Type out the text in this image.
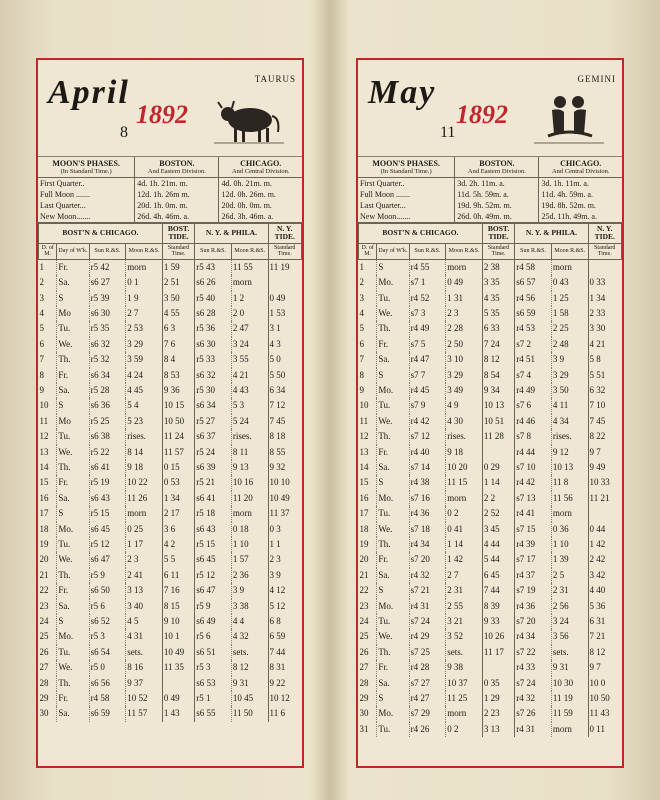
April
8
1892
TAURUS
MOON'S PHASES.	BOSTON.	CHICAGO.
(In Standard Time.)	And Eastern Division.	And Central Division.
First Quarter..	4d. 1h. 21m. m.	4d. 0h. 21m. m.
Full Moon .......	12d. 1h. 26m m.	12d. 0h. 26m. m.
Last Quarter...	20d. 1h. 0m. m.	20d. 0h. 0m. m.
New Moon.......	26d. 4h. 46m. a.	26d. 3h. 46m. a.
BOST'N & CHICAGO.				BOST. TIDE.	N. Y. & PHILA.		N. Y. TIDE.
D. of M.	Day of W'k.	Sun R.&S.	Moon R.&S.	Standard Time.	Sun R.&S.	Moon R.&S.	Standard Time.
1	Fr.	r5 42	morn	1 59	r5 43	11 55	11 19
2	Sa.	s6 27	0 1	2 51	s6 26	morn	
3	S	r5 39	1 9	3 50	r5 40	1 2	0 49
4	Mo	s6 30	2 7	4 55	s6 28	2 0	1 53
5	Tu.	r5 35	2 53	6 3	r5 36	2 47	3 1
6	We.	s6 32	3 29	7 6	s6 30	3 24	4 3
7	Th.	r5 32	3 59	8 4	r5 33	3 55	5 0
8	Fr.	s6 34	4 24	8 53	s6 32	4 21	5 50
9	Sa.	r5 28	4 45	9 36	r5 30	4 43	6 34
10	S	s6 36	5 4	10 15	s6 34	5 3	7 12
11	Mo	r5 25	5 23	10 50	r5 27	5 24	7 45
12	Tu.	s6 38	rises.	11 24	s6 37	rises.	8 18
13	We.	r5 22	8 14	11 57	r5 24	8 11	8 55
14	Th.	s6 41	9 18	0 15	s6 39	9 13	9 32
15	Fr.	r5 19	10 22	0 53	r5 21	10 16	10 10
16	Sa.	s6 43	11 26	1 34	s6 41	11 20	10 49
17	S	r5 15	morn	2 17	r5 18	morn	11 37
18	Mo.	s6 45	0 25	3 6	s6 43	0 18	0 3
19	Tu.	r5 12	1 17	4 2	r5 15	1 10	1 1
20	We.	s6 47	2 3	5 5	s6 45	1 57	2 3
21	Th.	r5 9	2 41	6 11	r5 12	2 36	3 9
22	Fr.	s6 50	3 13	7 16	s6 47	3 9	4 12
23	Sa.	r5 6	3 40	8 15	r5 9	3 38	5 12
24	S	s6 52	4 5	9 10	s6 49	4 4	6 8
25	Mo.	r5 3	4 31	10 1	r5 6	4 32	6 59
26	Tu.	s6 54	sets.	10 49	s6 51	sets.	7 44
27	We.	r5 0	8 16	11 35	r5 3	8 12	8 31
28	Th.	s6 56	9 37		s6 53	9 31	9 22
29	Fr.	r4 58	10 52	0 49	r5 1	10 45	10 12
30	Sa.	s6 59	11 57	1 43	s6 55	11 50	11 6
May
11
1892
GEMINI
MOON'S PHASES.	BOSTON.	CHICAGO.
(In Standard Time.)	And Eastern Division.	And Central Division.
First Quarter..	3d. 2h. 11m. a.	3d. 1h. 11m. a.
Full Moon .......	11d. 5h. 59m. a.	11d. 4h. 59m. a.
Last Quarter...	19d. 9h. 52m. m.	19d. 8h. 52m. m.
New Moon.......	26d. 0h. 49m. m.	25d. 11h. 49m. a.
BOST'N & CHICAGO.				BOST. TIDE.	N. Y. & PHILA.		N. Y. TIDE.
D. of M.	Day of W'k.	Sun R.&S.	Moon R.&S.	Standard Time.	Sun R.&S.	Moon R.&S.	Standard Time.
1	S	r4 55	morn	2 38	r4 58	morn	
2	Mo.	s7 1	0 49	3 35	s6 57	0 43	0 33
3	Tu.	r4 52	1 31	4 35	r4 56	1 25	1 34
4	We.	s7 3	2 3	5 35	s6 59	1 58	2 33
5	Th.	r4 49	2 28	6 33	r4 53	2 25	3 30
6	Fr.	s7 5	2 50	7 24	s7 2	2 48	4 21
7	Sa.	r4 47	3 10	8 12	r4 51	3 9	5 8
8	S	s7 7	3 29	8 54	s7 4	3 29	5 51
9	Mo.	r4 45	3 49	9 34	r4 49	3 50	6 32
10	Tu.	s7 9	4 9	10 13	s7 6	4 11	7 10
11	We.	r4 42	4 30	10 51	r4 46	4 34	7 45
12	Th.	s7 12	rises.	11 28	s7 8	rises.	8 22
13	Fr.	r4 40	9 18		r4 44	9 12	9 7
14	Sa.	s7 14	10 20	0 29	s7 10	10 13	9 49
15	S	r4 38	11 15	1 14	r4 42	11 8	10 33
16	Mo.	s7 16	morn	2 2	s7 13	11 56	11 21
17	Tu.	r4 36	0 2	2 52	r4 41	morn	
18	We.	s7 18	0 41	3 45	s7 15	0 36	0 44
19	Th.	r4 34	1 14	4 44	r4 39	1 10	1 42
20	Fr.	s7 20	1 42	5 44	s7 17	1 39	2 42
21	Sa.	r4 32	2 7	6 45	r4 37	2 5	3 42
22	S	s7 21	2 31	7 44	s7 19	2 31	4 40
23	Mo.	r4 31	2 55	8 39	r4 36	2 56	5 36
24	Tu.	s7 24	3 21	9 33	s7 20	3 24	6 31
25	We.	r4 29	3 52	10 26	r4 34	3 56	7 21
26	Th.	s7 25	sets.	11 17	s7 22	sets.	8 12
27	Fr.	r4 28	9 38		r4 33	9 31	9 7
28	Sa.	s7 27	10 37	0 35	s7 24	10 30	10 0
29	S	r4 27	11 25	1 29	r4 32	11 19	10 50
30	Mo.	s7 29	morn	2 23	s7 26	11 59	11 43
31	Tu.	r4 26	0 2	3 13	r4 31	morn	0 11
